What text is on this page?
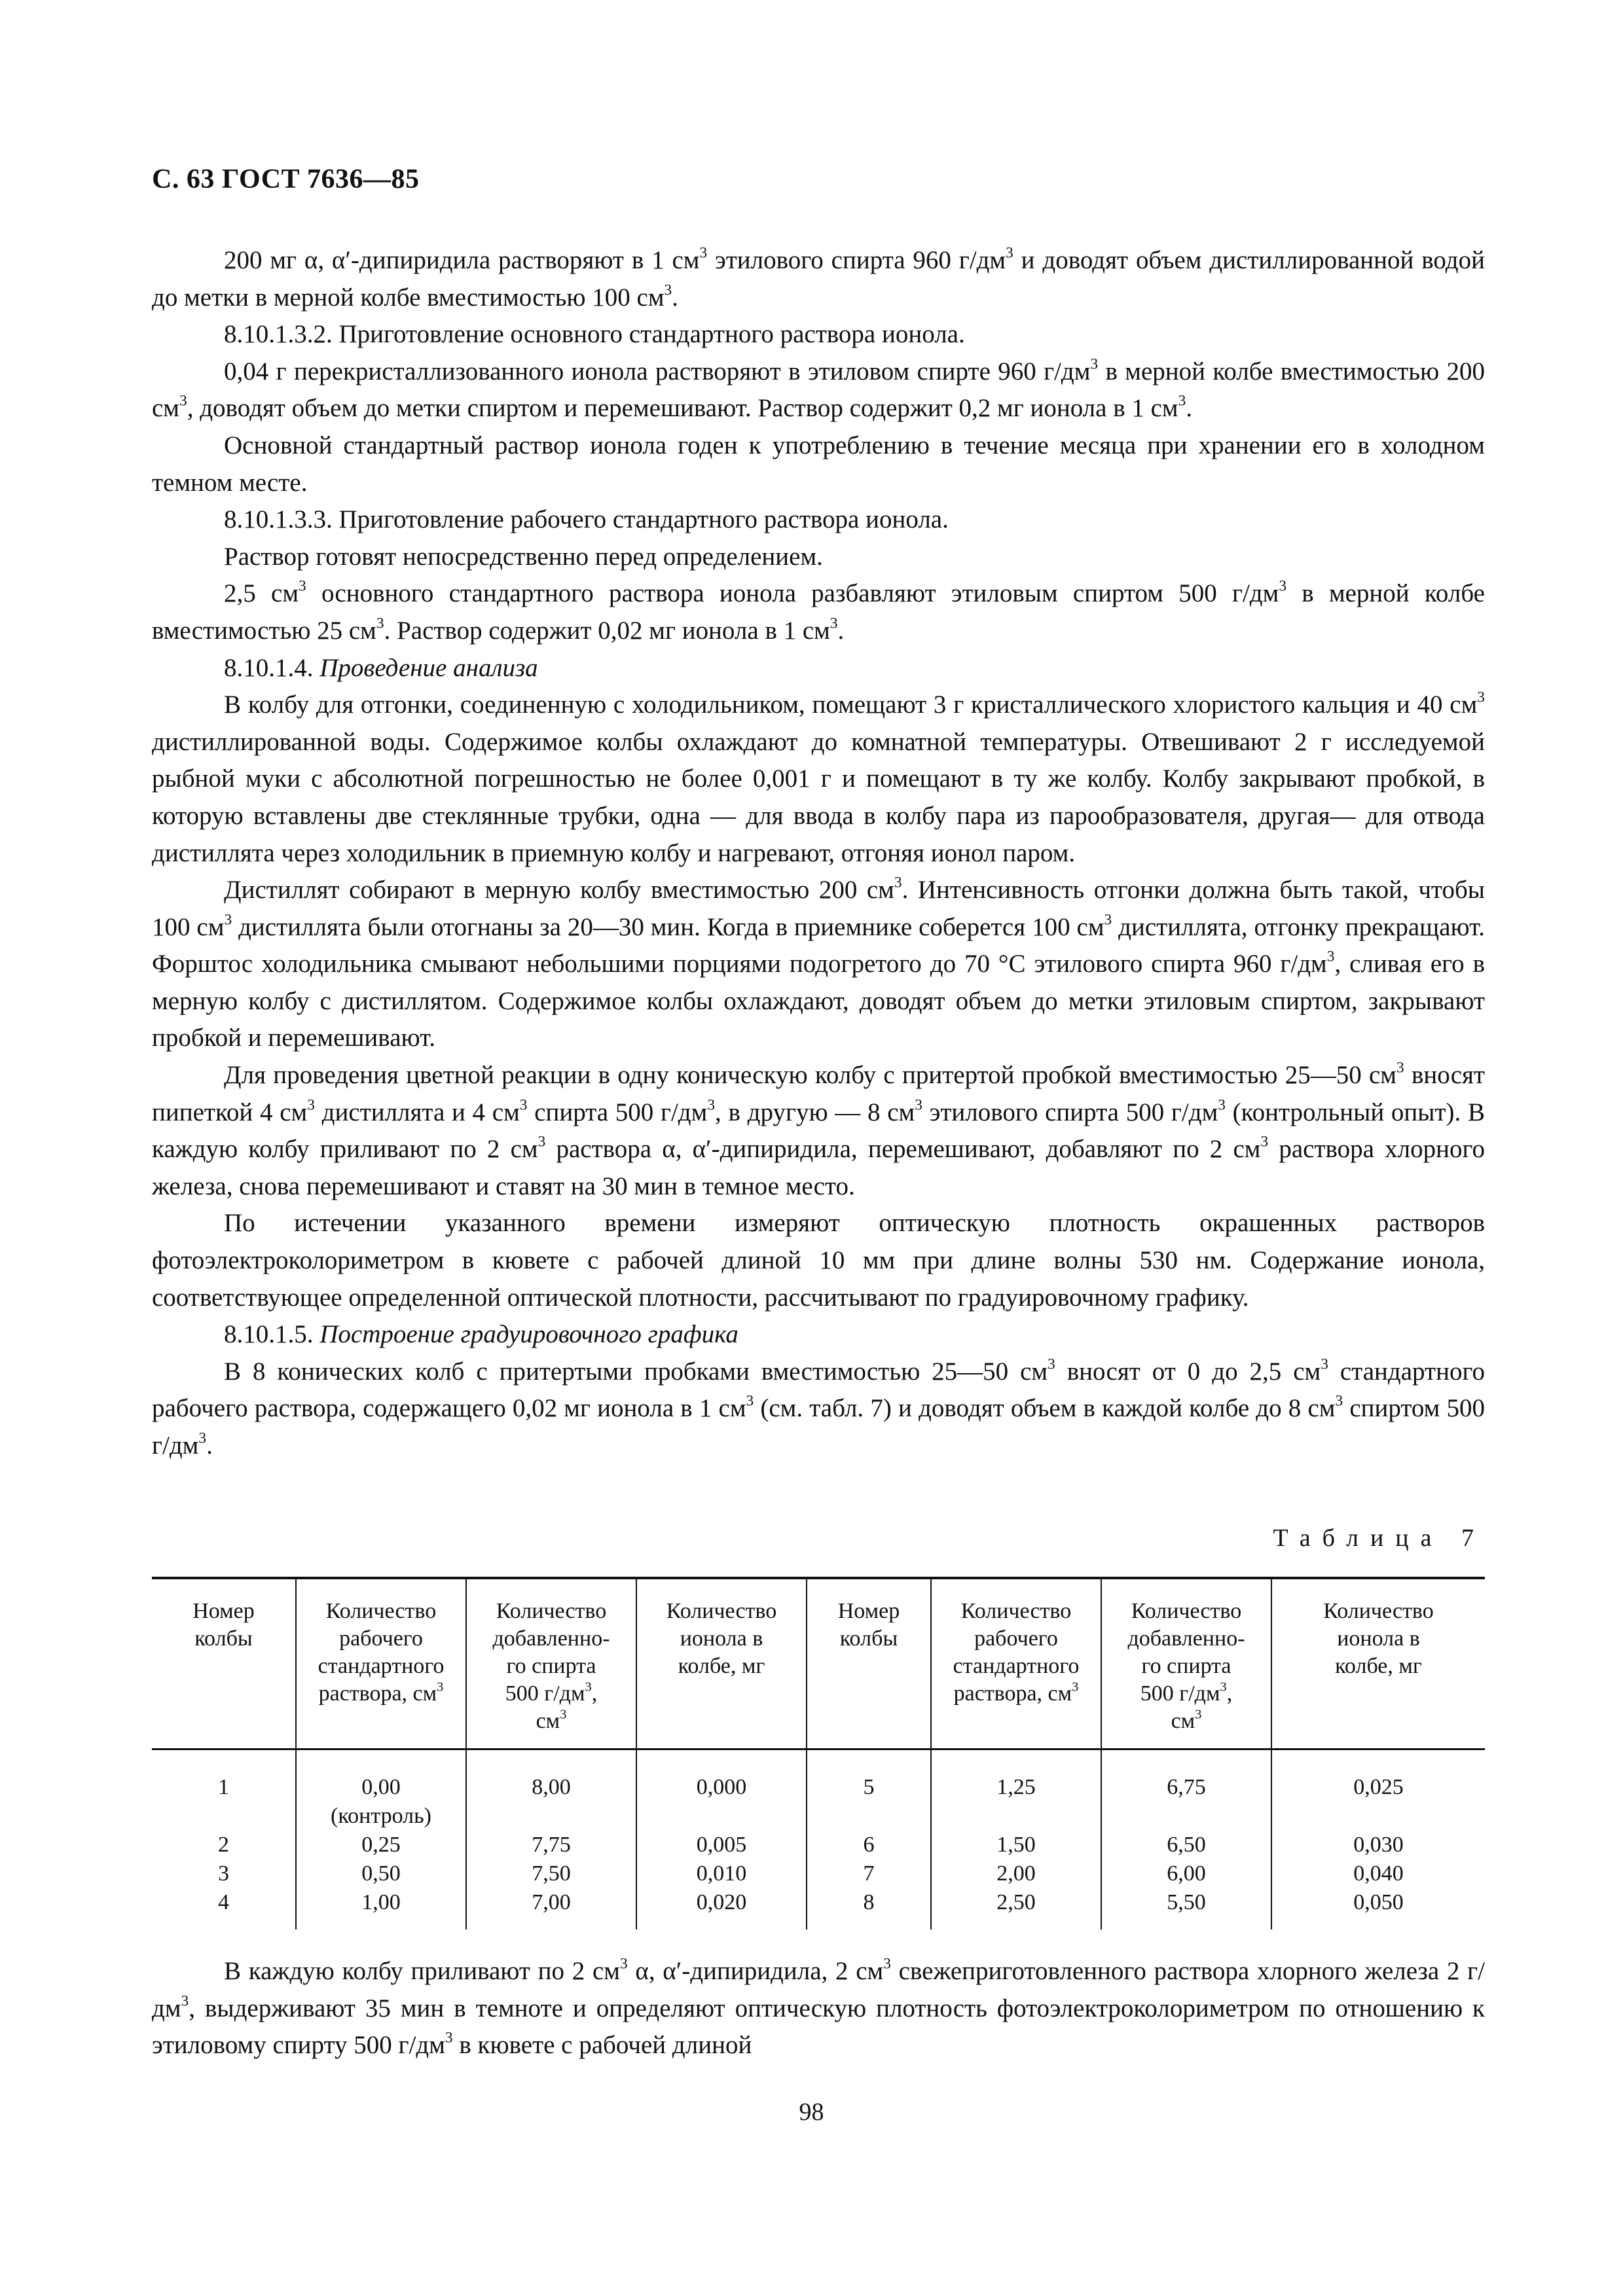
С. 63 ГОСТ 7636—85

200 мг α, α′-дипиридила растворяют в 1 $см^3$ этилового спирта 960 $г/дм^3$ и доводят объем дистиллированной водой до метки в мерной колбе вместимостью 100 $см^3$.

8.10.1.3.2. Приготовление основного стандартного раствора ионола.

0,04 г перекристаллизованного ионола растворяют в этиловом спирте 960 $г/дм^3$ в мерной колбе вместимостью 200 $см^3$, доводят объем до метки спиртом и перемешивают. Раствор содержит 0,2 мг ионола в 1 $см^3$.

Основной стандартный раствор ионола годен к употреблению в течение месяца при хранении его в холодном темном месте.

8.10.1.3.3. Приготовление рабочего стандартного раствора ионола.

Раствор готовят непосредственно перед определением.

2,5 $см^3$ основного стандартного раствора ионола разбавляют этиловым спиртом 500 $г/дм^3$ в мерной колбе вместимостью 25 $см^3$. Раствор содержит 0,02 мг ионола в 1 $см^3$.

8.10.1.4. Проведение анализа

В колбу для отгонки, соединенную с холодильником, помещают 3 г кристаллического хлористого кальция и 40 $см^3$ дистиллированной воды. Содержимое колбы охлаждают до комнатной температуры. Отвешивают 2 г исследуемой рыбной муки с абсолютной погрешностью не более 0,001 г и помещают в ту же колбу. Колбу закрывают пробкой, в которую вставлены две стеклянные трубки, одна — для ввода в колбу пара из парообразователя, другая— для отвода дистиллята через холодильник в приемную колбу и нагревают, отгоняя ионол паром.

Дистиллят собирают в мерную колбу вместимостью 200 $см^3$. Интенсивность отгонки должна быть такой, чтобы 100 $см^3$ дистиллята были отогнаны за 20—30 мин. Когда в приемнике соберется 100 $см^3$ дистиллята, отгонку прекращают. Форштос холодильника смывают небольшими порциями подогретого до 70 °С этилового спирта 960 $г/дм^3$, сливая его в мерную колбу с дистиллятом. Содержимое колбы охлаждают, доводят объем до метки этиловым спиртом, закрывают пробкой и перемешивают.

Для проведения цветной реакции в одну коническую колбу с притертой пробкой вместимостью 25—50 $см^3$ вносят пипеткой 4 $см^3$ дистиллята и 4 $см^3$ спирта 500 $г/дм^3$, в другую — 8 $см^3$ этилового спирта 500 $г/дм^3$ (контрольный опыт). В каждую колбу приливают по 2 $см^3$ раствора α, α′-дипиридила, перемешивают, добавляют по 2 $см^3$ раствора хлорного железа, снова перемешивают и ставят на 30 мин в темное место.

По истечении указанного времени измеряют оптическую плотность окрашенных растворов фотоэлектроколориметром в кювете с рабочей длиной 10 мм при длине волны 530 нм. Содержание ионола, соответствующее определенной оптической плотности, рассчитывают по градуировочному графику.

8.10.1.5. Построение градуировочного графика

В 8 конических колб с притертыми пробками вместимостью 25—50 $см^3$ вносят от 0 до 2,5 $см^3$ стандартного рабочего раствора, содержащего 0,02 мг ионола в 1 $см^3$ (см. табл. 7) и доводят объем в каждой колбе до 8 $см^3$ спиртом 500 $г/дм^3$.

Таблица 7
Номер
колбы	Количество
рабочего
стандартного
раствора, $см^3$	Количество
добавленно-
го спирта
500 $г/дм^3$,
$см^3$	Количество
ионола в
колбе, мг	Номер
колбы	Количество
рабочего
стандартного
раствора, $см^3$	Количество
добавленно-
го спирта
500 $г/дм^3$,
$см^3$	Количество
ионола в
колбе, мг
1	0,00	8,00	0,000	5	1,25	6,75	0,025
	(контроль)						
2	0,25	7,75	0,005	6	1,50	6,50	0,030
3	0,50	7,50	0,010	7	2,00	6,00	0,040
4	1,00	7,00	0,020	8	2,50	5,50	0,050

В каждую колбу приливают по 2 $см^3$ α, α′-дипиридила, 2 $см^3$ свежеприготовленного раствора хлорного железа 2 $г/дм^3$, выдерживают 35 мин в темноте и определяют оптическую плотность фотоэлектроколориметром по отношению к этиловому спирту 500 $г/дм^3$ в кювете с рабочей длиной

98
